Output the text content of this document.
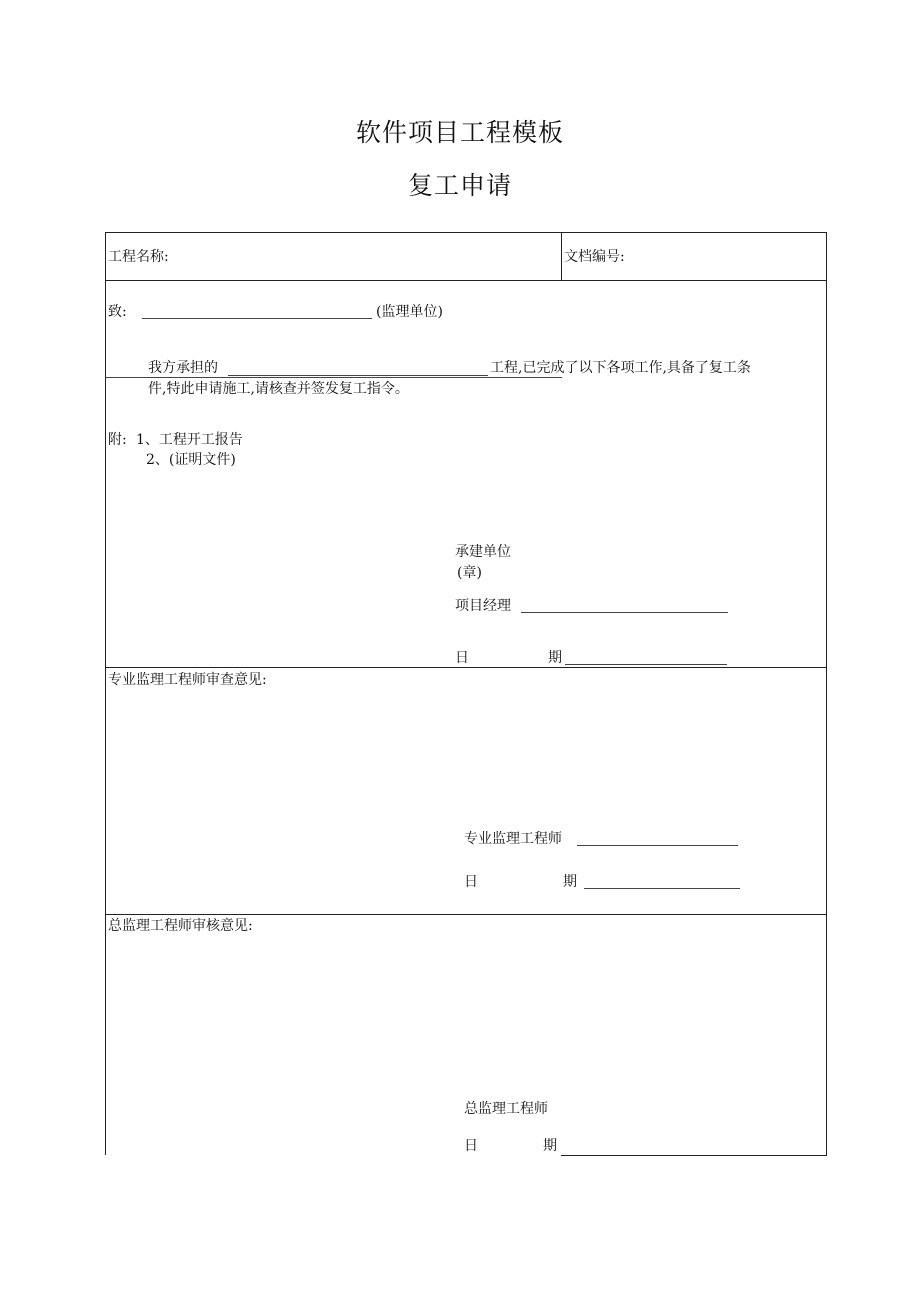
软件项目工程模板
复工申请
工程名称:	文档编号:
致:	(监理单位)
我方承担的	工程,已完成了以下各项工作,具备了复工条
件,特此申请施工,请核查并签发复工指令。
附: 1、工程开工报告
2、(证明文件)
承建单位
(章)
项目经理
日	期
专业监理工程师审查意见:
专业监理工程师
日	期
总监理工程师审核意见:
总监理工程师
日	期
